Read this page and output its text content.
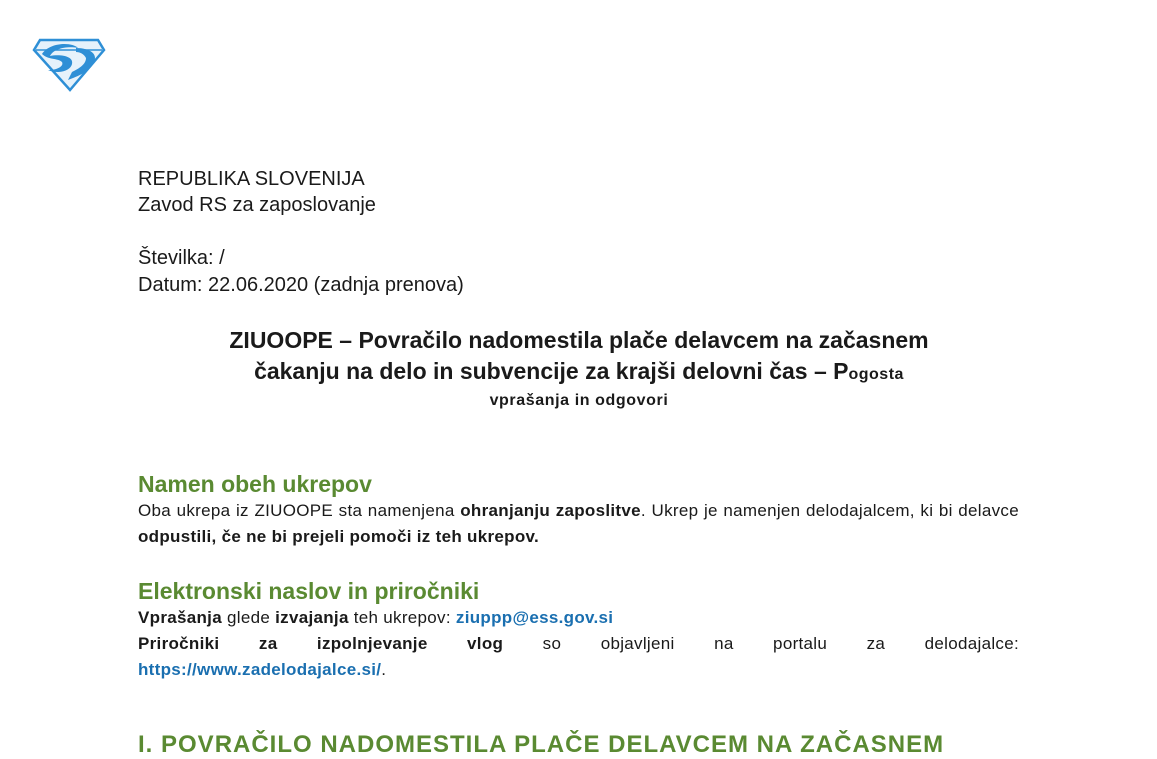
REPUBLIKA SLOVENIJA
Zavod RS za zaposlovanje
Številka: /
Datum: 22.06.2020 (zadnja prenova)
ZIUOOPE – Povračilo nadomestila plače delavcem na začasnem
čakanju na delo in subvencije za krajši delovni čas – Pogosta
vprašanja in odgovori
Namen obeh ukrepov
Oba ukrepa iz ZIUOOPE sta namenjena ohranjanju zaposlitve. Ukrep je namenjen delodajalcem, ki bi delavce odpustili, če ne bi prejeli pomoči iz teh ukrepov.
Elektronski naslov in priročniki
Vprašanja glede izvajanja teh ukrepov: ziuppp@ess.gov.si
Priročniki za izpolnjevanje vlog so objavljeni na portalu za delodajalce:
https://www.zadelodajalce.si/.
I. POVRAČILO NADOMESTILA PLAČE DELAVCEM NA ZAČASNEM
